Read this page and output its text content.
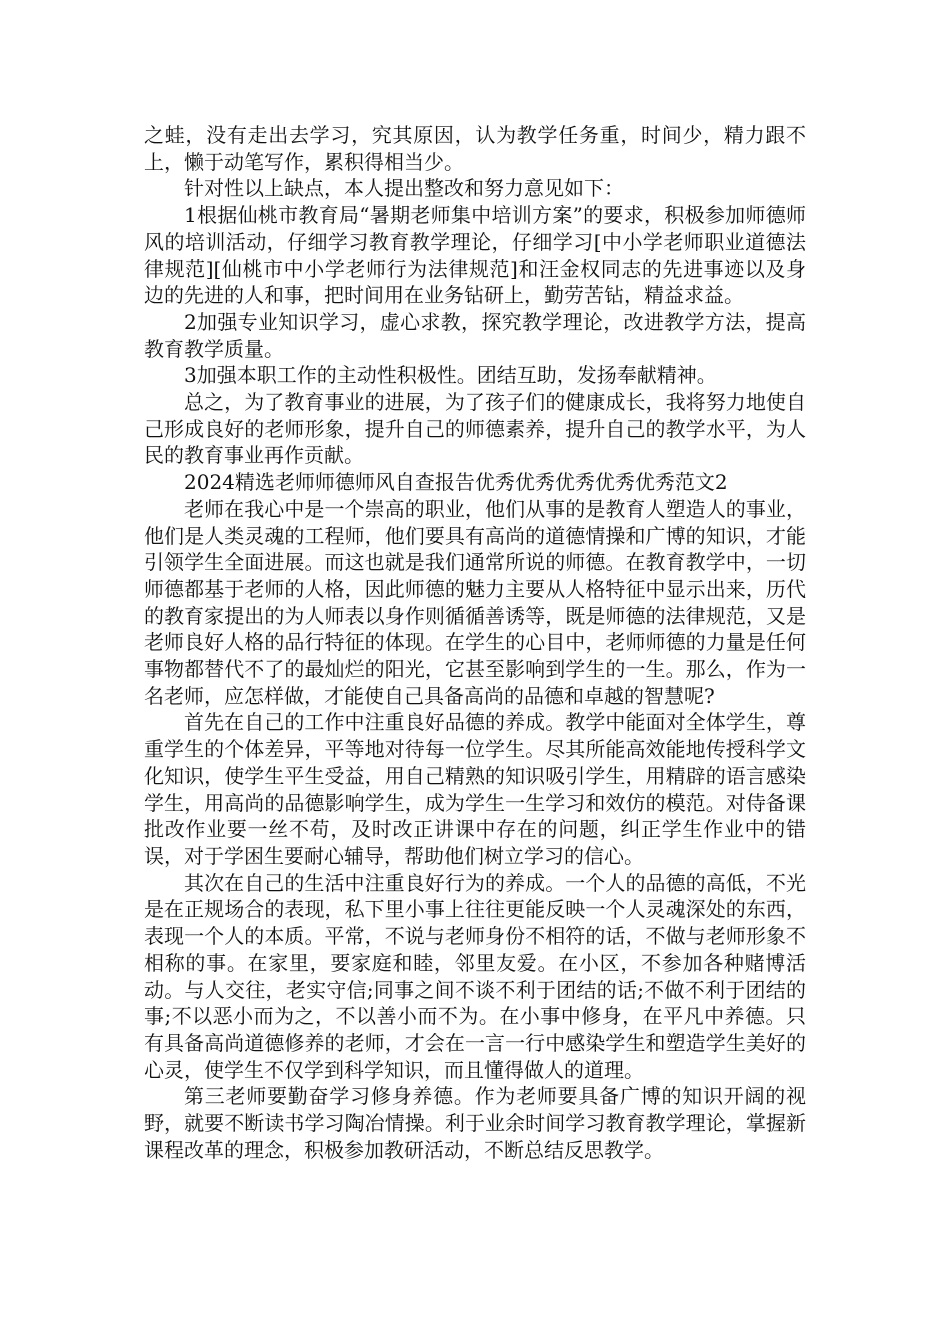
之蛙，没有走出去学习，究其原因，认为教学任务重，时间少，精力跟不上，懒于动笔写作，累积得相当少。

针对性以上缺点，本人提出整改和努力意见如下：

1根据仙桃市教育局“暑期老师集中培训方案”的要求，积极参加师德师风的培训活动，仔细学习教育教学理论，仔细学习[中小学老师职业道德法律规范][仙桃市中小学老师行为法律规范]和汪金权同志的先进事迹以及身边的先进的人和事，把时间用在业务钻研上，勤劳苦钻，精益求益。

2加强专业知识学习，虚心求教，探究教学理论，改进教学方法，提高教育教学质量。

3加强本职工作的主动性积极性。团结互助，发扬奉献精神。

总之，为了教育事业的进展，为了孩子们的健康成长，我将努力地使自己形成良好的老师形象，提升自己的师德素养，提升自己的教学水平，为人民的教育事业再作贡献。

2024精选老师师德师风自查报告优秀优秀优秀优秀优秀范文2

老师在我心中是一个崇高的职业，他们从事的是教育人塑造人的事业，他们是人类灵魂的工程师，他们要具有高尚的道德情操和广博的知识，才能引领学生全面进展。而这也就是我们通常所说的师德。在教育教学中，一切师德都基于老师的人格，因此师德的魅力主要从人格特征中显示出来，历代的教育家提出的为人师表以身作则循循善诱等，既是师德的法律规范，又是老师良好人格的品行特征的体现。在学生的心目中，老师师德的力量是任何事物都替代不了的最灿烂的阳光，它甚至影响到学生的一生。那么，作为一名老师，应怎样做，才能使自己具备高尚的品德和卓越的智慧呢?

首先在自己的工作中注重良好品德的养成。教学中能面对全体学生，尊重学生的个体差异，平等地对待每一位学生。尽其所能高效能地传授科学文化知识，使学生平生受益，用自己精熟的知识吸引学生，用精辟的语言感染学生，用高尚的品德影响学生，成为学生一生学习和效仿的模范。对侍备课批改作业要一丝不苟，及时改正讲课中存在的问题，纠正学生作业中的错误，对于学困生要耐心辅导，帮助他们树立学习的信心。

其次在自己的生活中注重良好行为的养成。一个人的品德的高低，不光是在正规场合的表现，私下里小事上往往更能反映一个人灵魂深处的东西，表现一个人的本质。平常，不说与老师身份不相符的话，不做与老师形象不相称的事。在家里，要家庭和睦，邻里友爱。在小区，不参加各种赌博活动。与人交往，老实守信;同事之间不谈不利于团结的话;不做不利于团结的事;不以恶小而为之，不以善小而不为。在小事中修身，在平凡中养德。只有具备高尚道德修养的老师，才会在一言一行中感染学生和塑造学生美好的心灵，使学生不仅学到科学知识，而且懂得做人的道理。

第三老师要勤奋学习修身养德。作为老师要具备广博的知识开阔的视野，就要不断读书学习陶冶情操。利于业余时间学习教育教学理论，掌握新课程改革的理念，积极参加教研活动，不断总结反思教学。
